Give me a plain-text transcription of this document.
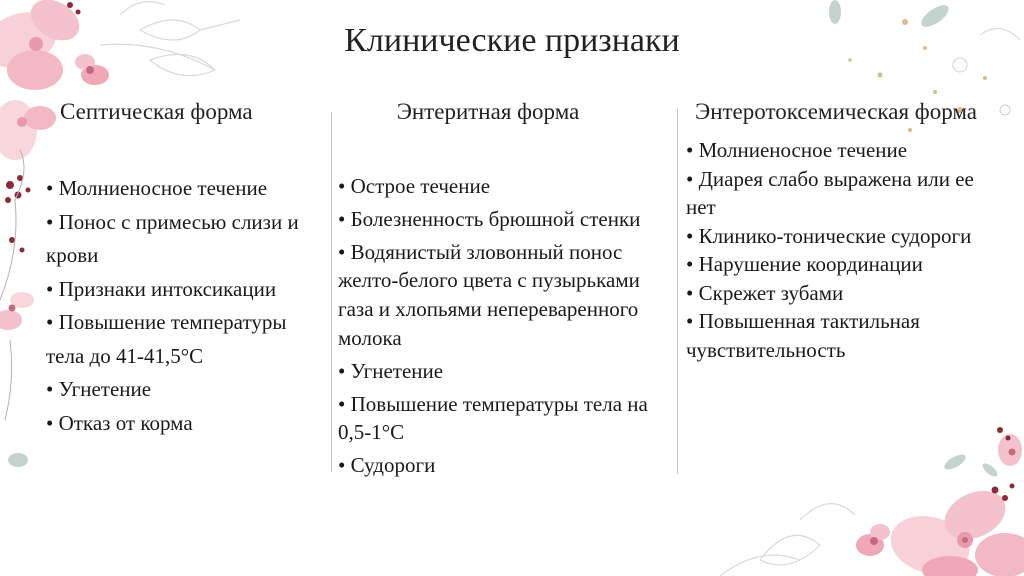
Клинические признаки
Септическая форма
• Молниеносное течение
• Понос с примесью слизи и крови
• Признаки интоксикации
• Повышение температуры тела до 41-41,5°С
• Угнетение
• Отказ от корма
Энтеритная форма
• Острое течение
• Болезненность брюшной стенки
• Водянистый зловонный понос желто-белого цвета с пузырьками газа и хлопьями непереваренного молока
• Угнетение
• Повышение температуры тела на 0,5-1°С
• Судороги
Энтеротоксемическая форма
• Молниеносное течение
• Диарея слабо выражена или ее нет
• Клинико-тонические судороги
• Нарушение координации
• Скрежет зубами
• Повышенная тактильная чувствительность
